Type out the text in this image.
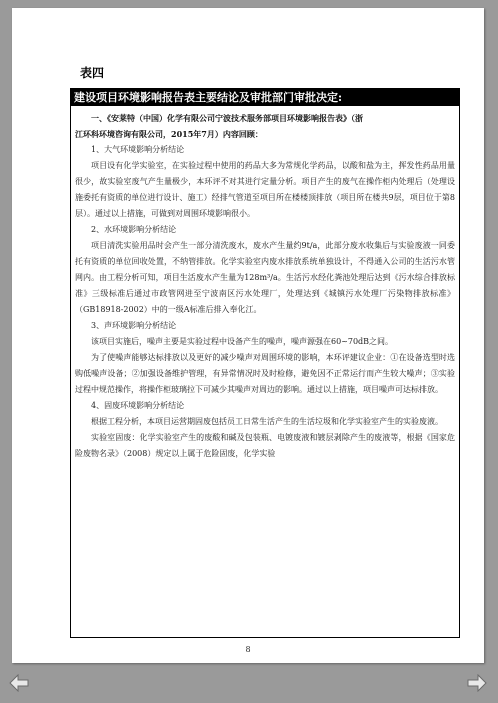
表四
建设项目环境影响报告表主要结论及审批部门审批决定:

一、《安莱特（中国）化学有限公司宁波技术服务部项目环境影响报告表》（浙

江环科环境咨询有限公司，2015年7月）内容回顾：

1、大气环境影响分析结论

项目设有化学实验室，在实验过程中使用的药品大多为常规化学药品，以酸和盐为主，挥发性药品用量很少，故实验室废气产生量极少，本环评不对其进行定量分析。项目产生的废气在操作柜内处理后（处理设施委托有资质的单位进行设计、施工）经排气管道至项目所在楼楼顶排放（项目所在楼共9层，项目位于第8层）。通过以上措施，可做到对周围环境影响很小。

2、水环境影响分析结论

项目清洗实验用品时会产生一部分清洗废水，废水产生量约9t/a，此部分废水收集后与实验废液一同委托有资质的单位回收处置，不纳管排放。化学实验室内废水排放系统单独设计，不得通入公司的生活污水管网内。由工程分析可知，项目生活废水产生量为128m³/a。生活污水经化粪池处理后达到《污水综合排放标准》三级标准后通过市政管网进至宁波南区污水处理厂，处理达到《城镇污水处理厂污染物排放标准》（GB18918-2002）中的一级A标准后排入奉化江。

3、声环境影响分析结论

该项目实施后，噪声主要是实验过程中设备产生的噪声，噪声源强在60~70dB之间。

为了使噪声能够达标排放以及更好的减少噪声对周围环境的影响，本环评建议企业：①在设备选型时选购低噪声设备；②加强设备维护管理，有异常情况时及时检修，避免因不正常运行而产生较大噪声；③实验过程中规范操作，将操作柜玻璃拉下可减少其噪声对周边的影响。通过以上措施，项目噪声可达标排放。

4、固废环境影响分析结论

根据工程分析，本项目运营期固废包括员工日常生活产生的生活垃圾和化学实验室产生的实验废液。

实验室固废：化学实验室产生的废酸和碱及包装瓶、电镀废液和镀层剥除产生的废液等，根据《国家危险废物名录》（2008）规定以上属于危险固废，化学实验

8
